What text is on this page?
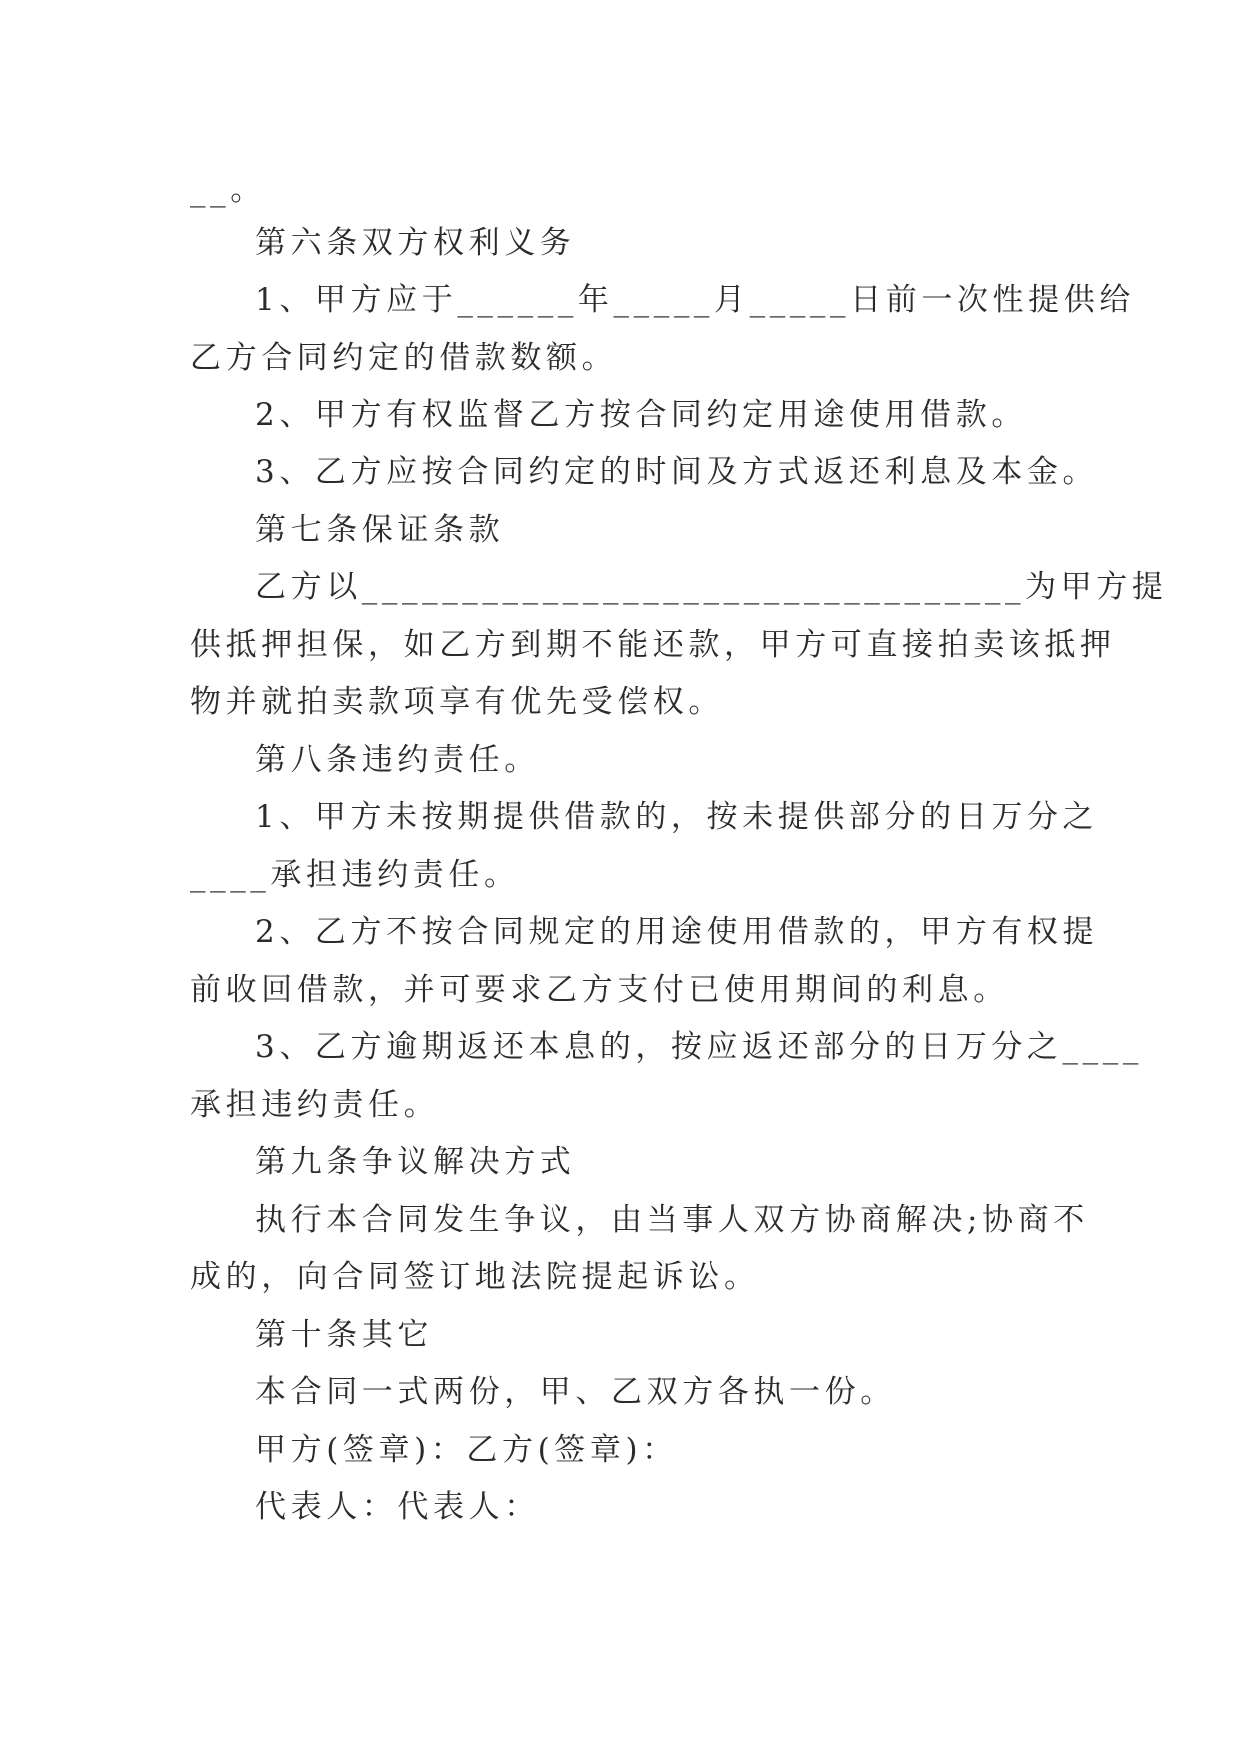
__。
第六条双方权利义务
1、甲方应于______年_____月_____日前一次性提供给
乙方合同约定的借款数额。
2、甲方有权监督乙方按合同约定用途使用借款。
3、乙方应按合同约定的时间及方式返还利息及本金。
第七条保证条款
乙方以_________________________________为甲方提
供抵押担保，如乙方到期不能还款，甲方可直接拍卖该抵押
物并就拍卖款项享有优先受偿权。
第八条违约责任。
1、甲方未按期提供借款的，按未提供部分的日万分之
____承担违约责任。
2、乙方不按合同规定的用途使用借款的，甲方有权提
前收回借款，并可要求乙方支付已使用期间的利息。
3、乙方逾期返还本息的，按应返还部分的日万分之____
承担违约责任。
第九条争议解决方式
执行本合同发生争议，由当事人双方协商解决;协商不
成的，向合同签订地法院提起诉讼。
第十条其它
本合同一式两份，甲、乙双方各执一份。
甲方(签章)：乙方(签章)：
代表人：代表人：
